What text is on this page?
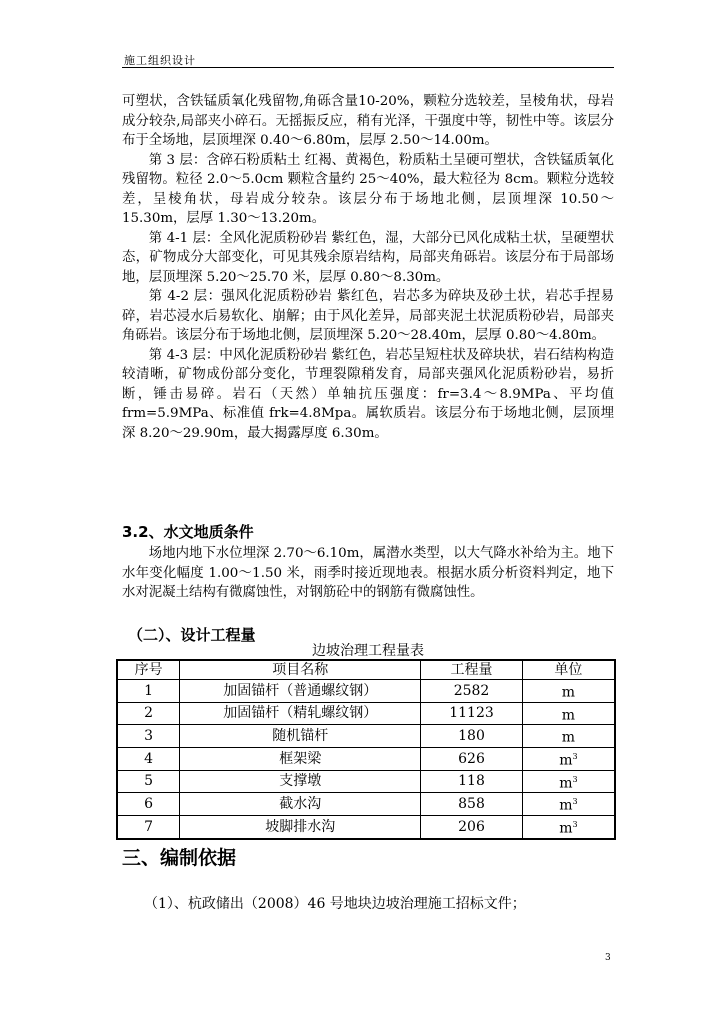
施工组织设计

可塑状，含铁锰质氧化残留物,角砾含量10-20%，颗粒分选较差，呈棱角状，母岩成分较杂,局部夹小碎石。无摇振反应，稍有光泽，干强度中等，韧性中等。该层分布于全场地，层顶埋深 0.40～6.80m，层厚 2.50～14.00m。

第 3 层：含碎石粉质粘土 红褐、黄褐色，粉质粘土呈硬可塑状，含铁锰质氧化残留物。粒径 2.0～5.0cm 颗粒含量约 25～40%，最大粒径为 8cm。颗粒分选较差，呈棱角状，母岩成分较杂。该层分布于场地北侧，层顶埋深 10.50～15.30m，层厚 1.30～13.20m。

第 4-1 层：全风化泥质粉砂岩 紫红色，湿，大部分已风化成粘土状，呈硬塑状态，矿物成分大部变化，可见其残余原岩结构，局部夹角砾岩。该层分布于局部场地，层顶埋深 5.20～25.70 米，层厚 0.80～8.30m。

第 4-2 层：强风化泥质粉砂岩 紫红色，岩芯多为碎块及砂土状，岩芯手捏易碎，岩芯浸水后易软化、崩解；由于风化差异，局部夹泥土状泥质粉砂岩，局部夹角砾岩。该层分布于场地北侧，层顶埋深 5.20～28.40m，层厚 0.80～4.80m。

第 4-3 层：中风化泥质粉砂岩 紫红色，岩芯呈短柱状及碎块状，岩石结构构造较清晰，矿物成份部分变化，节理裂隙稍发育，局部夹强风化泥质粉砂岩，易折断，锤击易碎。岩石（天然）单轴抗压强度：fr=3.4～8.9MPa、平均值 frm=5.9MPa、标准值 frk=4.8Mpa。属软质岩。该层分布于场地北侧，层顶埋深 8.20～29.90m，最大揭露厚度 6.30m。

3.2、水文地质条件

场地内地下水位埋深 2.70～6.10m，属潜水类型，以大气降水补给为主。地下水年变化幅度 1.00～1.50 米，雨季时接近现地表。根据水质分析资料判定，地下水对泥凝土结构有微腐蚀性，对钢筋砼中的钢筋有微腐蚀性。

（二）、设计工程量
边坡治理工程量表
序号	项目名称	工程量	单位
1	加固锚杆（普通螺纹钢）	2582	m
2	加固锚杆（精轧螺纹钢）	11123	m
3	随机锚杆	180	m
4	框架梁	626	$m^3$
5	支撑墩	118	$m^3$
6	截水沟	858	$m^3$
7	坡脚排水沟	206	$m^3$
三、编制依据
（1）、杭政储出（2008）46 号地块边坡治理施工招标文件；
3
